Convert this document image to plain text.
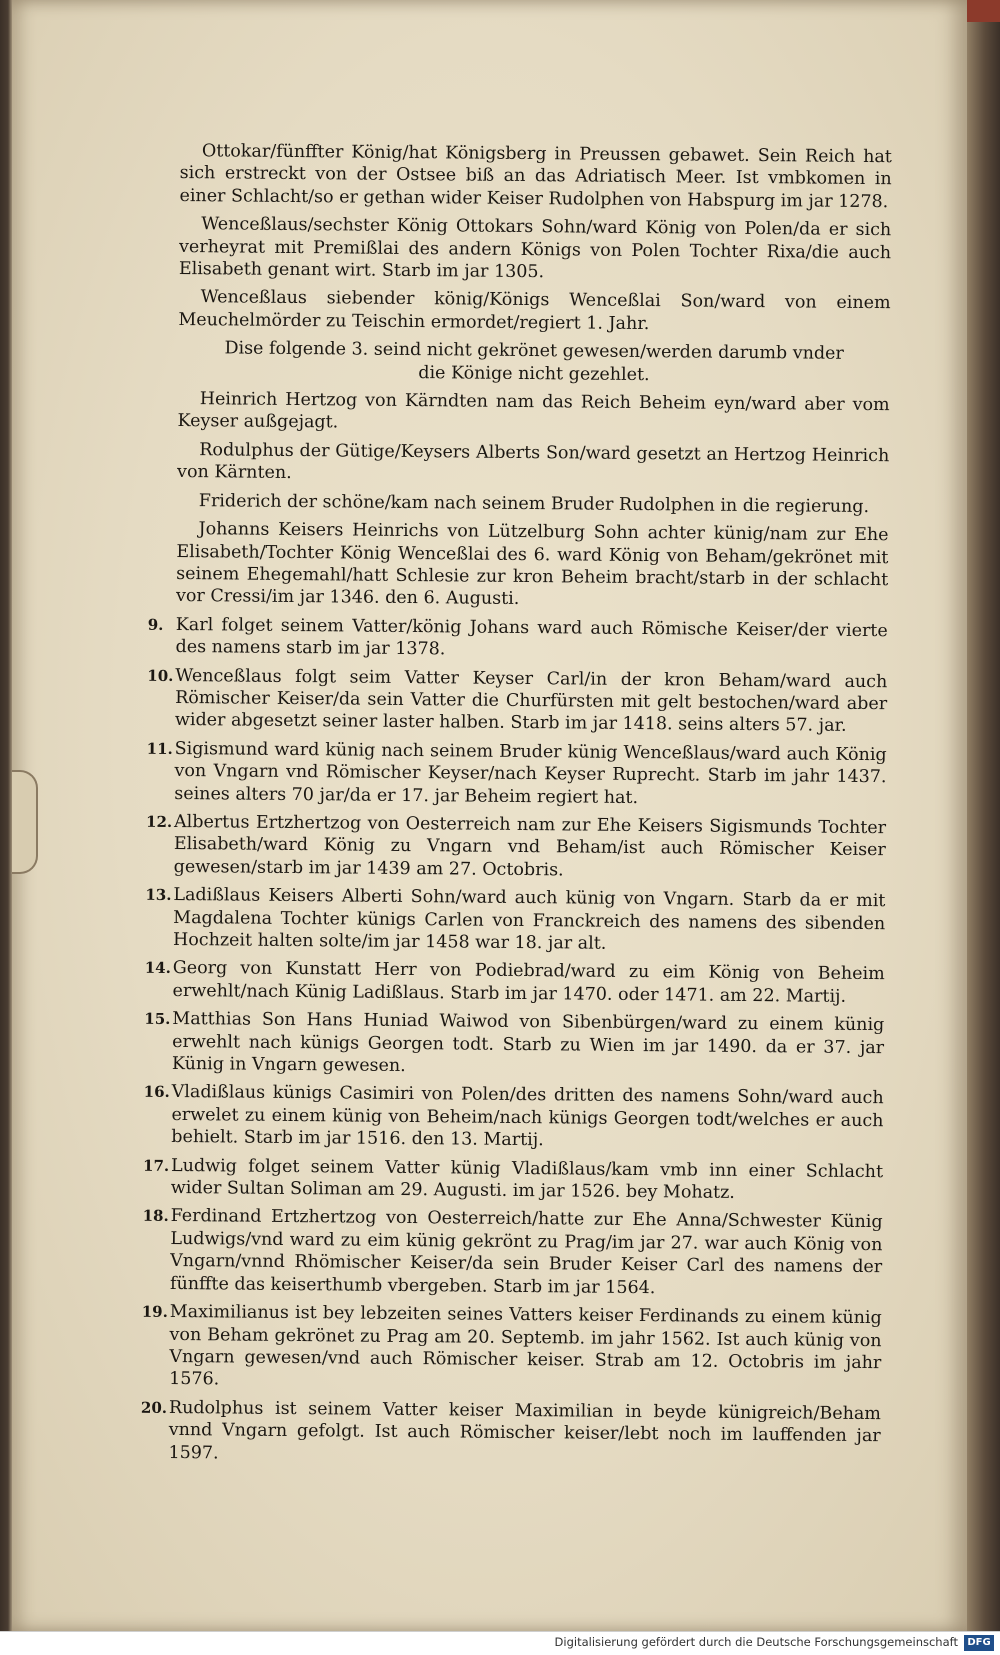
Ottokar/fünffter König/hat Königsberg in Preussen gebawet. Sein Reich hat sich erstreckt von der Ostsee biß an das Adriatisch Meer. Ist vmbkomen in einer Schlacht/so er gethan wider Keiser Rudolphen von Habspurg im jar 1278.
Wenceßlaus/sechster König Ottokars Sohn/ward König von Polen/da er sich verheyrat mit Premißlai des andern Königs von Polen Tochter Rixa/die auch Elisabeth genant wirt. Starb im jar 1305.
Wenceßlaus siebender könig/Königs Wenceßlai Son/ward von einem Meuchelmörder zu Teischin ermordet/regiert 1. Jahr.
Dise folgende 3. seind nicht gekrönet gewesen/werden darumb vnder die Könige nicht gezehlet.
Heinrich Hertzog von Kärndten nam das Reich Beheim eyn/ward aber vom Keyser außgejagt.
Rodulphus der Gütige/Keysers Alberts Son/ward gesetzt an Hertzog Heinrich von Kärnten.
Friderich der schöne/kam nach seinem Bruder Rudolphen in die regierung.
Johanns Keisers Heinrichs von Lützelburg Sohn achter künig/nam zur Ehe Elisabeth/Tochter König Wenceßlai des 6. ward König von Beham/gekrönet mit seinem Ehegemahl/hatt Schlesie zur kron Beheim bracht/starb in der schlacht vor Cressi/im jar 1346. den 6. Augusti.
9. Karl folget seinem Vatter/könig Johans ward auch Römische Keiser/der vierte des namens starb im jar 1378.
10. Wenceßlaus folgt seim Vatter Keyser Carl/in der kron Beham/ward auch Römischer Keiser/da sein Vatter die Churfürsten mit gelt bestochen/ward aber wider abgesetzt seiner laster halben. Starb im jar 1418. seins alters 57. jar.
11. Sigismund ward künig nach seinem Bruder künig Wenceßlaus/ward auch König von Vngarn vnd Römischer Keyser/nach Keyser Ruprecht. Starb im jahr 1437. seines alters 70 jar/da er 17. jar Beheim regiert hat.
12. Albertus Ertzhertzog von Oesterreich nam zur Ehe Keisers Sigismunds Tochter Elisabeth/ward König zu Vngarn vnd Beham/ist auch Römischer Keiser gewesen/starb im jar 1439 am 27. Octobris.
13. Ladißlaus Keisers Alberti Sohn/ward auch künig von Vngarn. Starb da er mit Magdalena Tochter künigs Carlen von Franckreich des namens des sibenden Hochzeit halten solte/im jar 1458 war 18. jar alt.
14. Georg von Kunstatt Herr von Podiebrad/ward zu eim König von Beheim erwehlt/nach Künig Ladißlaus. Starb im jar 1470. oder 1471. am 22. Martij.
15. Matthias Son Hans Huniad Waiwod von Sibenbürgen/ward zu einem künig erwehlt nach künigs Georgen todt. Starb zu Wien im jar 1490. da er 37. jar Künig in Vngarn gewesen.
16. Vladißlaus künigs Casimiri von Polen/des dritten des namens Sohn/ward auch erwelet zu einem künig von Beheim/nach künigs Georgen todt/welches er auch behielt. Starb im jar 1516. den 13. Martij.
17. Ludwig folget seinem Vatter künig Vladißlaus/kam vmb inn einer Schlacht wider Sultan Soliman am 29. Augusti. im jar 1526. bey Mohatz.
18. Ferdinand Ertzhertzog von Oesterreich/hatte zur Ehe Anna/Schwester Künig Ludwigs/vnd ward zu eim künig gekrönt zu Prag/im jar 27. war auch König von Vngarn/vnnd Rhömischer Keiser/da sein Bruder Keiser Carl des namens der fünffte das keiserthumb vbergeben. Starb im jar 1564.
19. Maximilianus ist bey lebzeiten seines Vatters keiser Ferdinands zu einem künig von Beham gekrönet zu Prag am 20. Septemb. im jahr 1562. Ist auch künig von Vngarn gewesen/vnd auch Römischer keiser. Strab am 12. Octobris im jahr 1576.
20. Rudolphus ist seinem Vatter keiser Maximilian in beyde künigreich/Beham vnnd Vngarn gefolgt. Ist auch Römischer keiser/lebt noch im lauffenden jar 1597.
Digitalisierung gefördert durch die Deutsche Forschungsgemeinschaft DFG
